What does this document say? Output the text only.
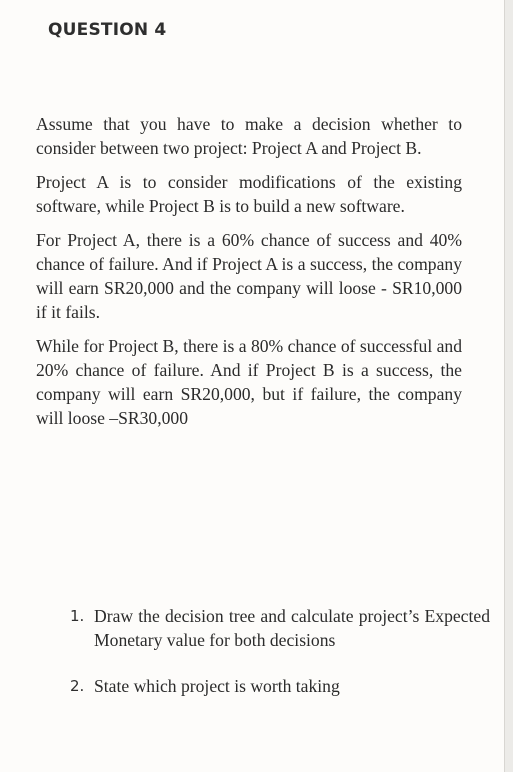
QUESTION 4

Assume that you have to make a decision whether to consider between two project: Project A and Project B.

Project A is to consider modifications of the existing software, while Project B is to build a new software.

For Project A, there is a 60% chance of success and 40% chance of failure. And if Project A is a success, the company will earn SR20,000 and the company will loose - SR10,000 if it fails.

While for Project B, there is a 80% chance of successful and 20% chance of failure. And if Project B is a success, the company will earn SR20,000, but if failure, the company will loose –SR30,000

1. Draw the decision tree and calculate project’s Expected Monetary value for both decisions
2. State which project is worth taking
